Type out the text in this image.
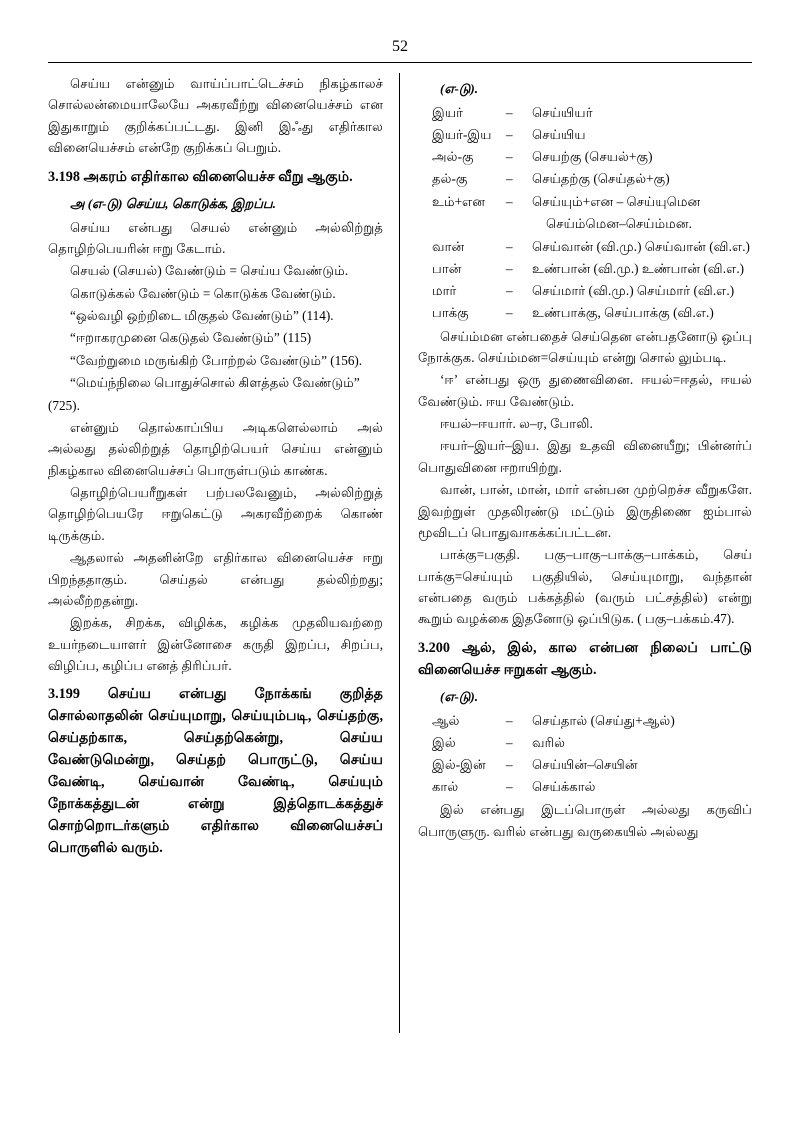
52

செய்ய என்னும் வாய்ப்பாட்டெச்சம் நிகழ்காலச் சொல்லன்மையாலேயே அகரவீற்று வினையெச்சம் என இதுகாறும் குறிக்கப்பட்டது. இனி இஃது எதிர்கால வினையெச்சம் என்றே குறிக்கப் பெறும்.

3.198 அகரம் எதிர்கால வினையெச்ச வீறு ஆகும்.

அ (எ-டு) செய்ய, கொடுக்க, இறப்ப.

செய்ய என்பது செயல் என்னும் அல்லிற்றுத் தொழிற்பெயரின் ஈறு கேடாம்.

செயல் (செயல்) வேண்டும் = செய்ய வேண்டும்.

கொடுக்கல் வேண்டும் = கொடுக்க வேண்டும்.

“ஒல்வழி ஒற்றிடை மிகுதல் வேண்டும்” (114).

“ஈறாகரமுனை கெடுதல் வேண்டும்” (115)

“வேற்றுமை மருங்கிற் போற்றல் வேண்டும்” (156).

“மெய்ந்நிலை பொதுச்சொல் கிளத்தல் வேண்டும்”

(725).

என்னும் தொல்காப்பிய அடிகளெல்லாம் அல் அல்லது தல்லிற்றுத் தொழிற்பெயர் செய்ய என்னும் நிகழ்கால வினையெச்சப் பொருள்படும் காண்க.

தொழிற்பெயரீறுகள் பற்பலவேனும், அல்லிற்றுத் தொழிற்பெயரே ஈறுகெட்டு அகரவீற்றைக் கொண் டிருக்கும்.

ஆதலால் அதனின்றே எதிர்கால வினையெச்ச ஈறு பிறந்ததாகும். செய்தல் என்பது தல்லிற்றது; அல்லீற்றதன்று.

இறக்க, சிறக்க, விழிக்க, கழிக்க முதலியவற்றை உயர்நடையாளர் இன்னோசை கருதி இறப்ப, சிறப்ப, விழிப்ப, கழிப்ப எனத் திரிப்பர்.

3.199 செய்ய என்பது நோக்கங் குறித்த சொல்லாதலின் செய்யுமாறு, செய்யும்படி, செய்தற்கு, செய்தற்காக, செய்தற்கென்று, செய்ய வேண்டுமென்று, செய்தற் பொருட்டு, செய்ய வேண்டி, செய்வான் வேண்டி, செய்யும் நோக்கத்துடன் என்று இத்தொடக்கத்துச் சொற்றொடர்களும் எதிர்கால வினையெச்சப் பொருளில் வரும்.

(எ-டு).

இயர்	–	செய்யியர்
இயர்-இய	–	செய்யிய
அல்-கு	–	செயற்கு (செயல்+கு)
தல்-கு	–	செய்தற்கு (செய்தல்+கு)
உம்+என	–	செய்யும்+என – செய்யுமென
செய்ம்மென–செய்ம்மன.
வான்	–	செய்வான் (வி.மு.) செய்வான் (வி.எ.)
பான்	–	உண்பான் (வி.மு.) உண்பான் (வி.எ.)
மார்	–	செய்மார் (வி.மு.) செய்மார் (வி.எ.)
பாக்கு	–	உண்பாக்கு, செய்பாக்கு (வி.எ.)

செய்ம்மன என்பதைச் செய்தென என்பதனோடு ஒப்பு நோக்குக. செய்ம்மன=செய்யும் என்று சொல் லும்படி.

‘ஈ’ என்பது ஒரு துணைவினை. ஈயல்=ஈதல், ஈயல் வேண்டும். ஈய வேண்டும்.

ஈயல்–ஈயார். ல–ர, போலி.

ஈயர்–இயர்–இய. இது உதவி வினையீறு; பின்னர்ப் பொதுவினை ஈறாயிற்று.

வான், பான், மான், மார் என்பன முற்றெச்ச வீறுகளே. இவற்றுள் முதலிரண்டு மட்டும் இருதிணை ஐம்பால் மூவிடப் பொதுவாகக்கப்பட்டன.

பாக்கு=பகுதி. பகு–பாகு–பாக்கு–பாக்கம், செய் பாக்கு=செய்யும் பகுதியில், செய்யுமாறு, வந்தான் என்பதை வரும் பக்கத்தில் (வரும் பட்சத்தில்) என்று கூறும் வழக்கை இதனோடு ஒப்பிடுக. ( பகு–பக்கம்.47).

3.200 ஆல், இல், கால என்பன நிலைப் பாட்டு வினையெச்ச ஈறுகள் ஆகும்.

(எ-டு).

ஆல்	–	செய்தால் (செய்து+ஆல்)
இல்	–	வரில்
இல்-இன்	–	செய்யின்–செயின்
கால்	–	செய்க்கால்

இல் என்பது இடப்பொருள் அல்லது கருவிப் பொருளுரு. வரில் என்பது வருகையில் அல்லது
